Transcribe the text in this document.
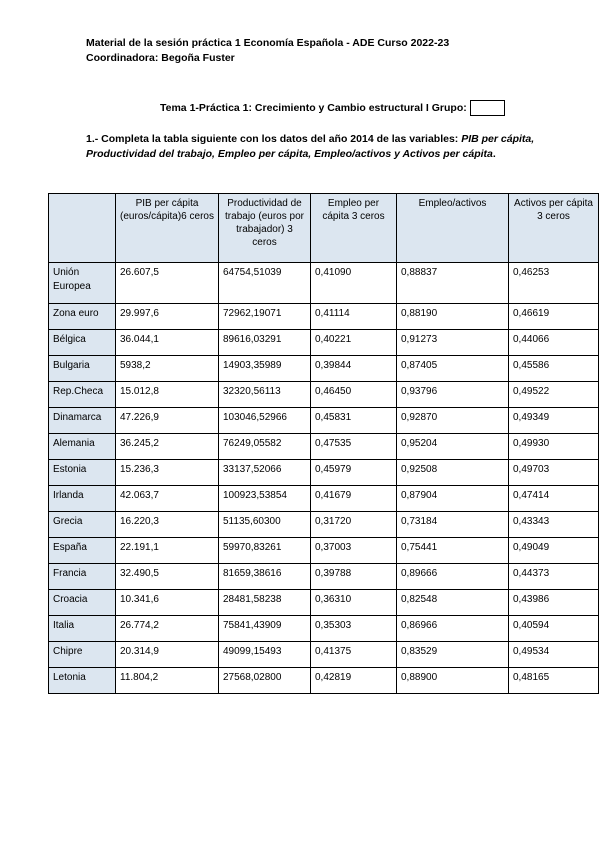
Material de la sesión práctica 1 Economía Española - ADE Curso 2022-23
Coordinadora: Begoña Fuster
Tema 1-Práctica 1: Crecimiento y Cambio estructural I Grupo:
1.- Completa la tabla siguiente con los datos del año 2014 de las variables: PIB per cápita, Productividad del trabajo, Empleo per cápita, Empleo/activos y Activos per cápita.
	PIB per cápita (euros/cápita)6 ceros	Productividad de trabajo (euros por trabajador) 3 ceros	Empleo per cápita 3 ceros	Empleo/activos	Activos per cápita 3 ceros
Unión Europea	26.607,5	64754,51039	0,41090	0,88837	0,46253
Zona euro	29.997,6	72962,19071	0,41114	0,88190	0,46619
Bélgica	36.044,1	89616,03291	0,40221	0,91273	0,44066
Bulgaria	5938,2	14903,35989	0,39844	0,87405	0,45586
Rep.Checa	15.012,8	32320,56113	0,46450	0,93796	0,49522
Dinamarca	47.226,9	103046,52966	0,45831	0,92870	0,49349
Alemania	36.245,2	76249,05582	0,47535	0,95204	0,49930
Estonia	15.236,3	33137,52066	0,45979	0,92508	0,49703
Irlanda	42.063,7	100923,53854	0,41679	0,87904	0,47414
Grecia	16.220,3	51135,60300	0,31720	0,73184	0,43343
España	22.191,1	59970,83261	0,37003	0,75441	0,49049
Francia	32.490,5	81659,38616	0,39788	0,89666	0,44373
Croacia	10.341,6	28481,58238	0,36310	0,82548	0,43986
Italia	26.774,2	75841,43909	0,35303	0,86966	0,40594
Chipre	20.314,9	49099,15493	0,41375	0,83529	0,49534
Letonia	11.804,2	27568,02800	0,42819	0,88900	0,48165
